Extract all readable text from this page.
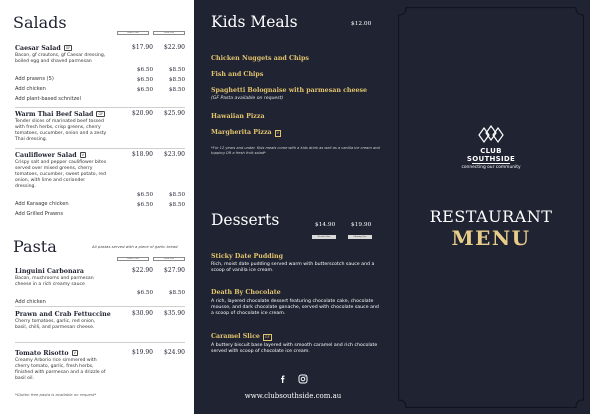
Salads
Entrée Size	Main Size
Caesar Salad	GF	$17.90	$22.90
Bacon, gf croutons, gf Caesar dressing, boiled egg and shaved parmesan
Add prawns (5)
$6.50	$8.50
Add chicken
$6.50	$8.50
Add plant-based schnitzel
$6.50	$8.50
Warm Thai Beef Salad	GF	$20.90	$25.90
Tender slices of marinated beef tossed with fresh herbs, crisp greens, cherry tomatoes, cucumber, onion and a zesty Thai dressing.
Cauliflower Salad	V	$18.90	$23.90
Crispy salt and pepper cauliflower bites served over mixed greens, cherry tomatoes, cucumber, sweet potato, red onion, with lime and coriander dressing.
Add Karaage chicken
$6.50	$8.50
Add Grilled Prawns
$6.50	$8.50
Pasta	All pastas served with a piece of garlic bread
Entrée Size	Main Size
Linguini Carbonara	$22.90	$27.90
Bacon, mushrooms and parmesan cheese in a rich creamy sauce
Add chicken
$6.50	$8.50
Prawn and Crab Fettuccine	$30.90	$35.90
Cherry tomatoes, garlic, red onion, basil, chilli, and parmesan cheese.
Tomato Risotto	V	$19.90	$24.90
Creamy Arborio rice simmered with cherry tomato, garlic, fresh herbs, finished with parmesan and a drizzle of basil oil.
*Gluten free pasta is available on request*
Kids Meals	$12.00
Chicken Nuggets and Chips
Fish and Chips
Spaghetti Bolognaise with parmesan cheese
(GF Pasta available on request)
Hawaiian Pizza
Margherita Pizza V
*For 12 years and under. Kids meals come with a kids drink as well as a vanilla ice cream and topping OR a fresh fruit salad*
Desserts	$14.90	$19.90
Dessert Size	Sharing Size
Sticky Date Pudding
Rich, moist date pudding served warm with butterscotch sauce and a scoop of vanilla ice cream.
Death By Chocolate
A rich, layered chocolate dessert featuring chocolate cake, chocolate mousse, and dark chocolate ganache, served with chocolate sauce and a scoop of chocolate ice cream.
Caramel Slice GF
A buttery biscuit base layered with smooth caramel and rich chocolate served with scoop of chocolate ice cream.
www.clubsouthside.com.au
CLUB
SOUTHSIDE
connecting our community
RESTAURANT
MENU
